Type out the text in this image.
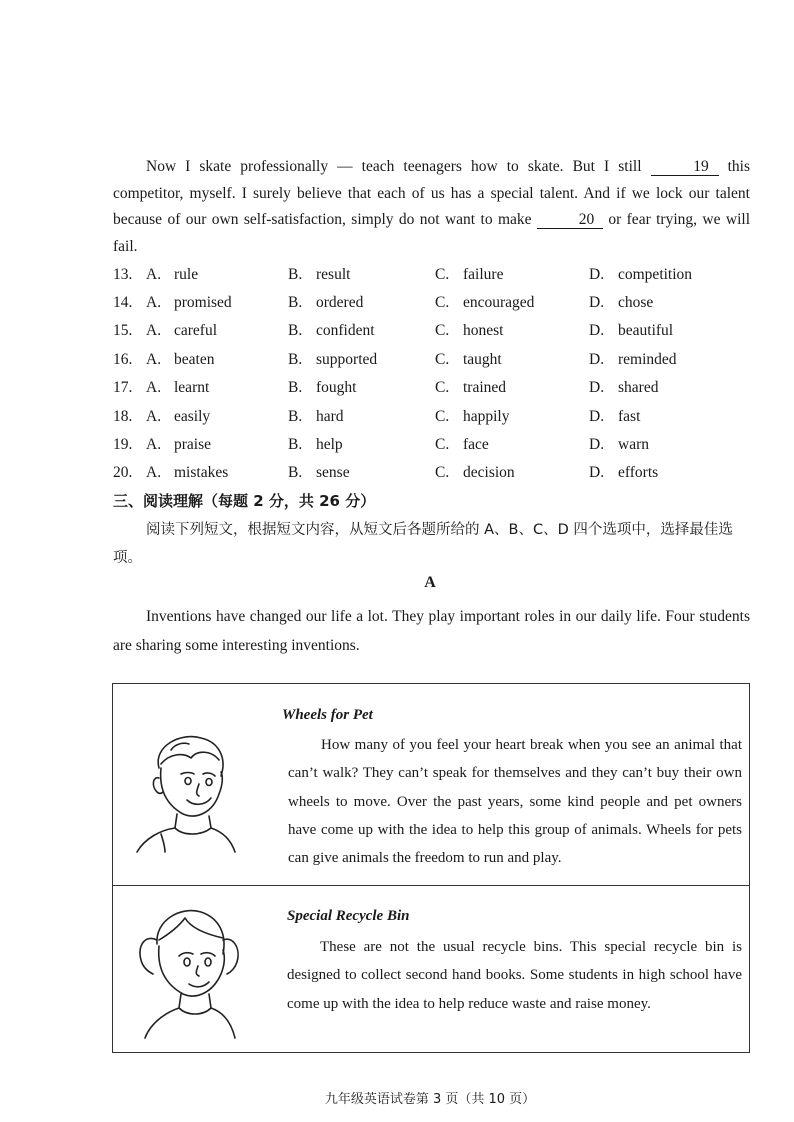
Now I skate professionally — teach teenagers how to skate. But I still	19 this competitor, myself. I surely believe that each of us has a special talent. And if we lock our talent because of our own self-satisfaction, simply do not want to make	20 or fear trying, we will fail.
13. A. rule	B. result	C. failure	D. competition
14. A. promised	B. ordered	C. encouraged	D. chose
15. A. careful	B. confident	C. honest	D. beautiful
16. A. beaten	B. supported	C. taught	D. reminded
17. A. learnt	B. fought	C. trained	D. shared
18. A. easily	B. hard	C. happily	D. fast
19. A. praise	B. help	C. face	D. warn
20. A. mistakes	B. sense	C. decision	D. efforts
三、阅读理解（每题 2 分，共 26 分）
阅读下列短文，根据短文内容，从短文后各题所给的 A、B、C、D 四个选项中，选择最佳选项。
A
Inventions have changed our life a lot. They play important roles in our daily life. Four students are sharing some interesting inventions.
Wheels for Pet
How many of you feel your heart break when you see an animal that can’t walk? They can’t speak for themselves and they can’t buy their own wheels to move. Over the past years, some kind people and pet owners have come up with the idea to help this group of animals. Wheels for pets can give animals the freedom to run and play.
Special Recycle Bin
These are not the usual recycle bins. This special recycle bin is designed to collect second hand books. Some students in high school have come up with the idea to help reduce waste and raise money.
九年级英语试卷第 3 页（共 10 页）
